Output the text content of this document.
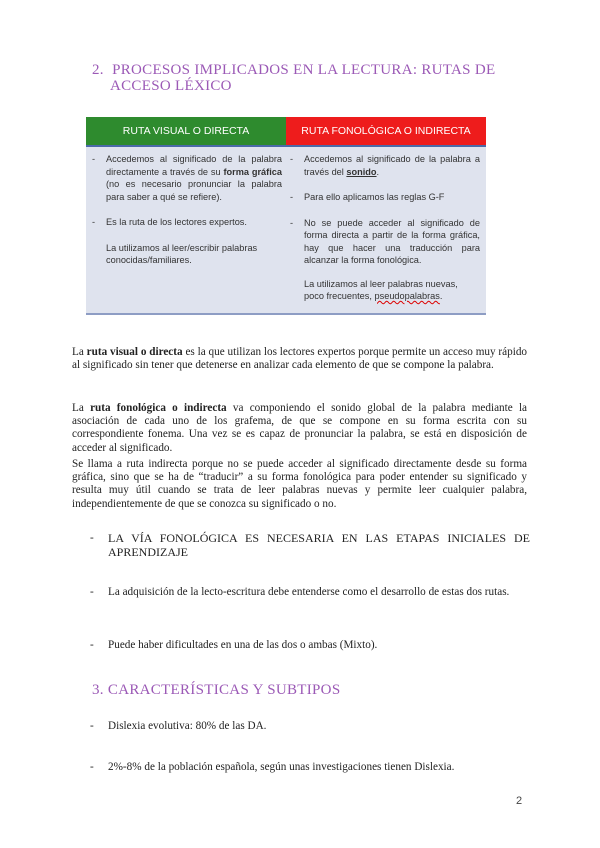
2. PROCESOS IMPLICADOS EN LA LECTURA: RUTAS DE
ACCESO LÉXICO
RUTA VISUAL O DIRECTA	RUTA FONOLÓGICA O INDIRECTA
- Accedemos al significado de la palabra directamente a través de su forma gráfica (no es necesario pronunciar la palabra para saber a qué se refiere).
- Es la ruta de los lectores expertos.
La utilizamos al leer/escribir palabras conocidas/familiares.
- Accedemos al significado de la palabra a través del sonido.
- Para ello aplicamos las reglas G-F
- No se puede acceder al significado de forma directa a partir de la forma gráfica, hay que hacer una traducción para alcanzar la forma fonológica.
La utilizamos al leer palabras nuevas, poco frecuentes, pseudopalabras.
La ruta visual o directa es la que utilizan los lectores expertos porque permite un acceso muy rápido al significado sin tener que detenerse en analizar cada elemento de que se compone la palabra.
La ruta fonológica o indirecta va componiendo el sonido global de la palabra mediante la asociación de cada uno de los grafema, de que se compone en su forma escrita con su correspondiente fonema. Una vez se es capaz de pronunciar la palabra, se está en disposición de acceder al significado.
Se llama a ruta indirecta porque no se puede acceder al significado directamente desde su forma gráfica, sino que se ha de “traducir” a su forma fonológica para poder entender su significado y resulta muy útil cuando se trata de leer palabras nuevas y permite leer cualquier palabra, independientemente de que se conozca su significado o no.
- LA VÍA FONOLÓGICA ES NECESARIA EN LAS ETAPAS INICIALES DE APRENDIZAJE
- La adquisición de la lecto-escritura debe entenderse como el desarrollo de estas dos rutas.
- Puede haber dificultades en una de las dos o ambas (Mixto).
3. CARACTERÍSTICAS Y SUBTIPOS
- Dislexia evolutiva: 80% de las DA.
- 2%-8% de la población española, según unas investigaciones tienen Dislexia.
2
